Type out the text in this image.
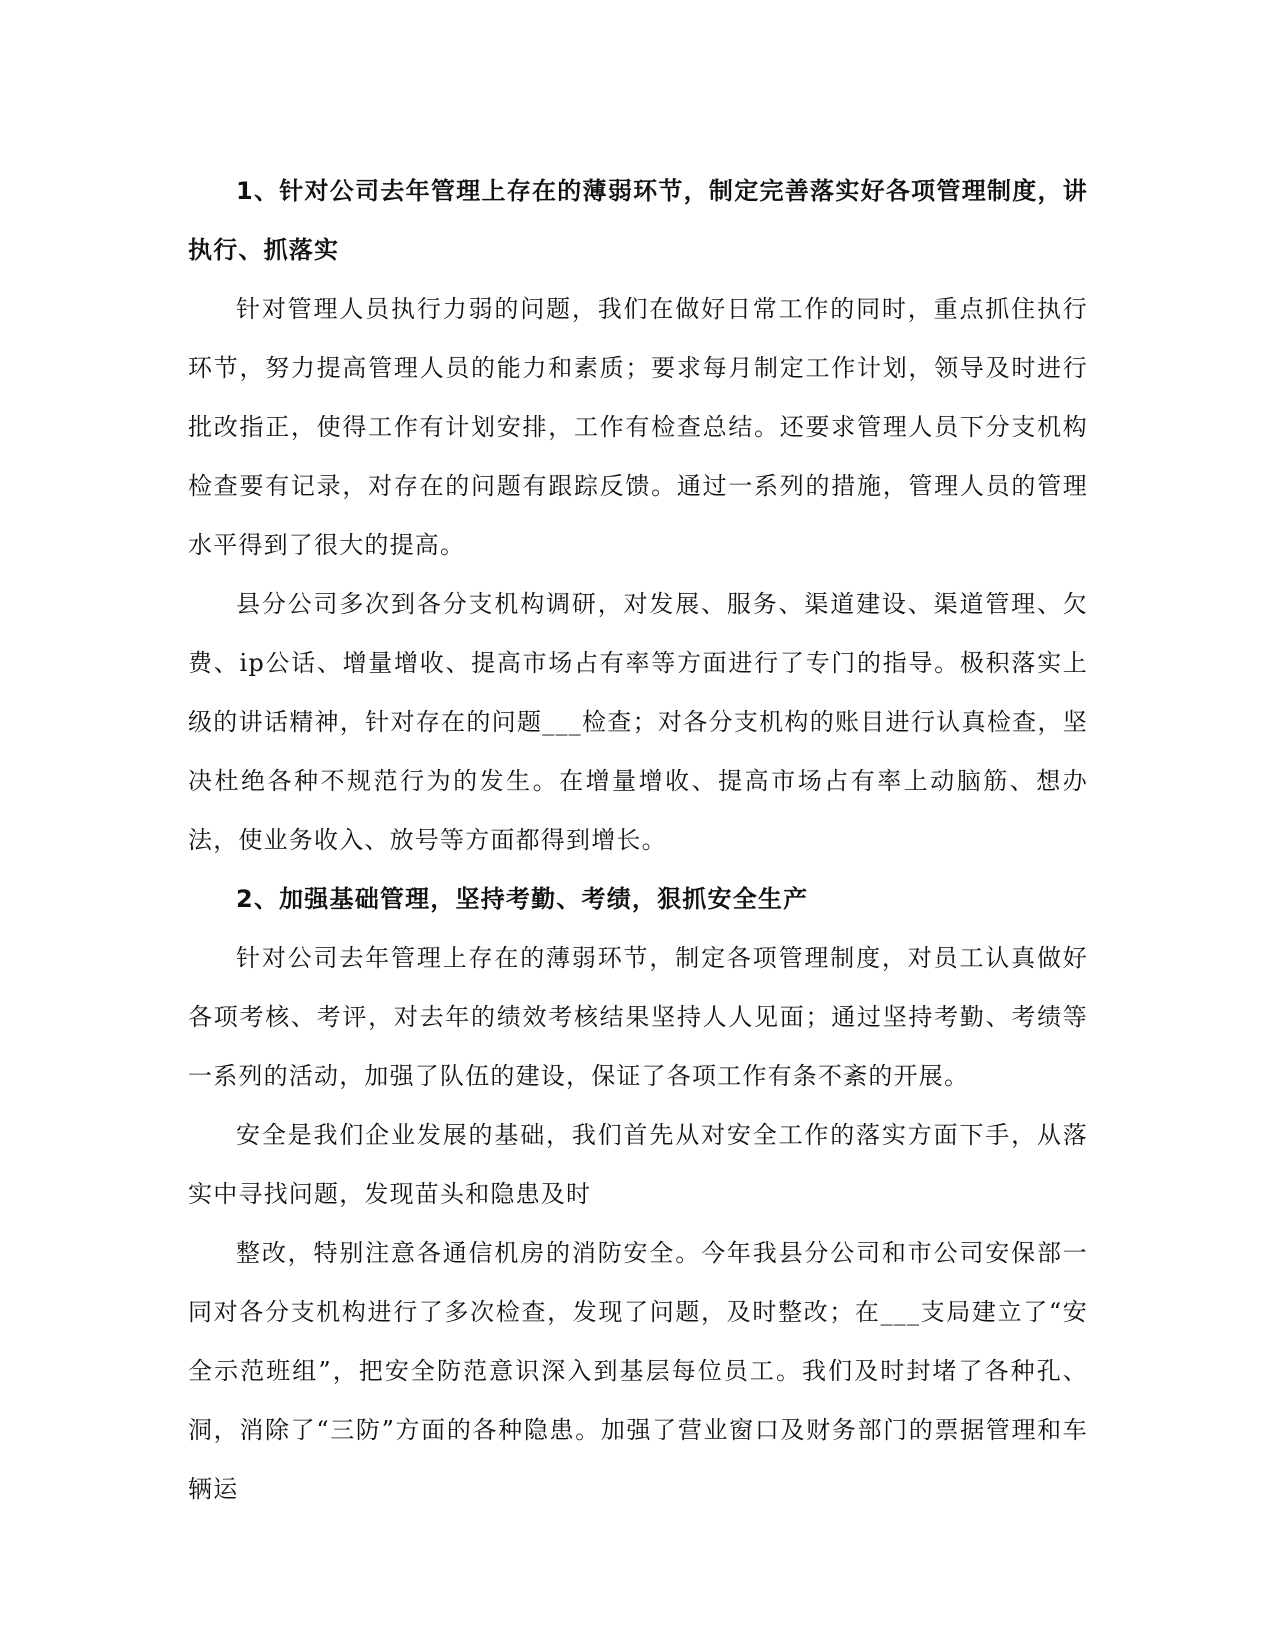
1、针对公司去年管理上存在的薄弱环节，制定完善落实好各项管理制度，讲执行、抓落实

针对管理人员执行力弱的问题，我们在做好日常工作的同时，重点抓住执行环节，努力提高管理人员的能力和素质；要求每月制定工作计划，领导及时进行批改指正，使得工作有计划安排，工作有检查总结。还要求管理人员下分支机构检查要有记录，对存在的问题有跟踪反馈。通过一系列的措施，管理人员的管理水平得到了很大的提高。

县分公司多次到各分支机构调研，对发展、服务、渠道建设、渠道管理、欠费、ip公话、增量增收、提高市场占有率等方面进行了专门的指导。极积落实上级的讲话精神，针对存在的问题___检查；对各分支机构的账目进行认真检查，坚决杜绝各种不规范行为的发生。在增量增收、提高市场占有率上动脑筋、想办法，使业务收入、放号等方面都得到增长。

2、加强基础管理，坚持考勤、考绩，狠抓安全生产

针对公司去年管理上存在的薄弱环节，制定各项管理制度，对员工认真做好各项考核、考评，对去年的绩效考核结果坚持人人见面；通过坚持考勤、考绩等一系列的活动，加强了队伍的建设，保证了各项工作有条不紊的开展。

安全是我们企业发展的基础，我们首先从对安全工作的落实方面下手，从落实中寻找问题，发现苗头和隐患及时

整改，特别注意各通信机房的消防安全。今年我县分公司和市公司安保部一同对各分支机构进行了多次检查，发现了问题，及时整改；在___支局建立了“安全示范班组”，把安全防范意识深入到基层每位员工。我们及时封堵了各种孔、洞，消除了“三防”方面的各种隐患。加强了营业窗口及财务部门的票据管理和车辆运
